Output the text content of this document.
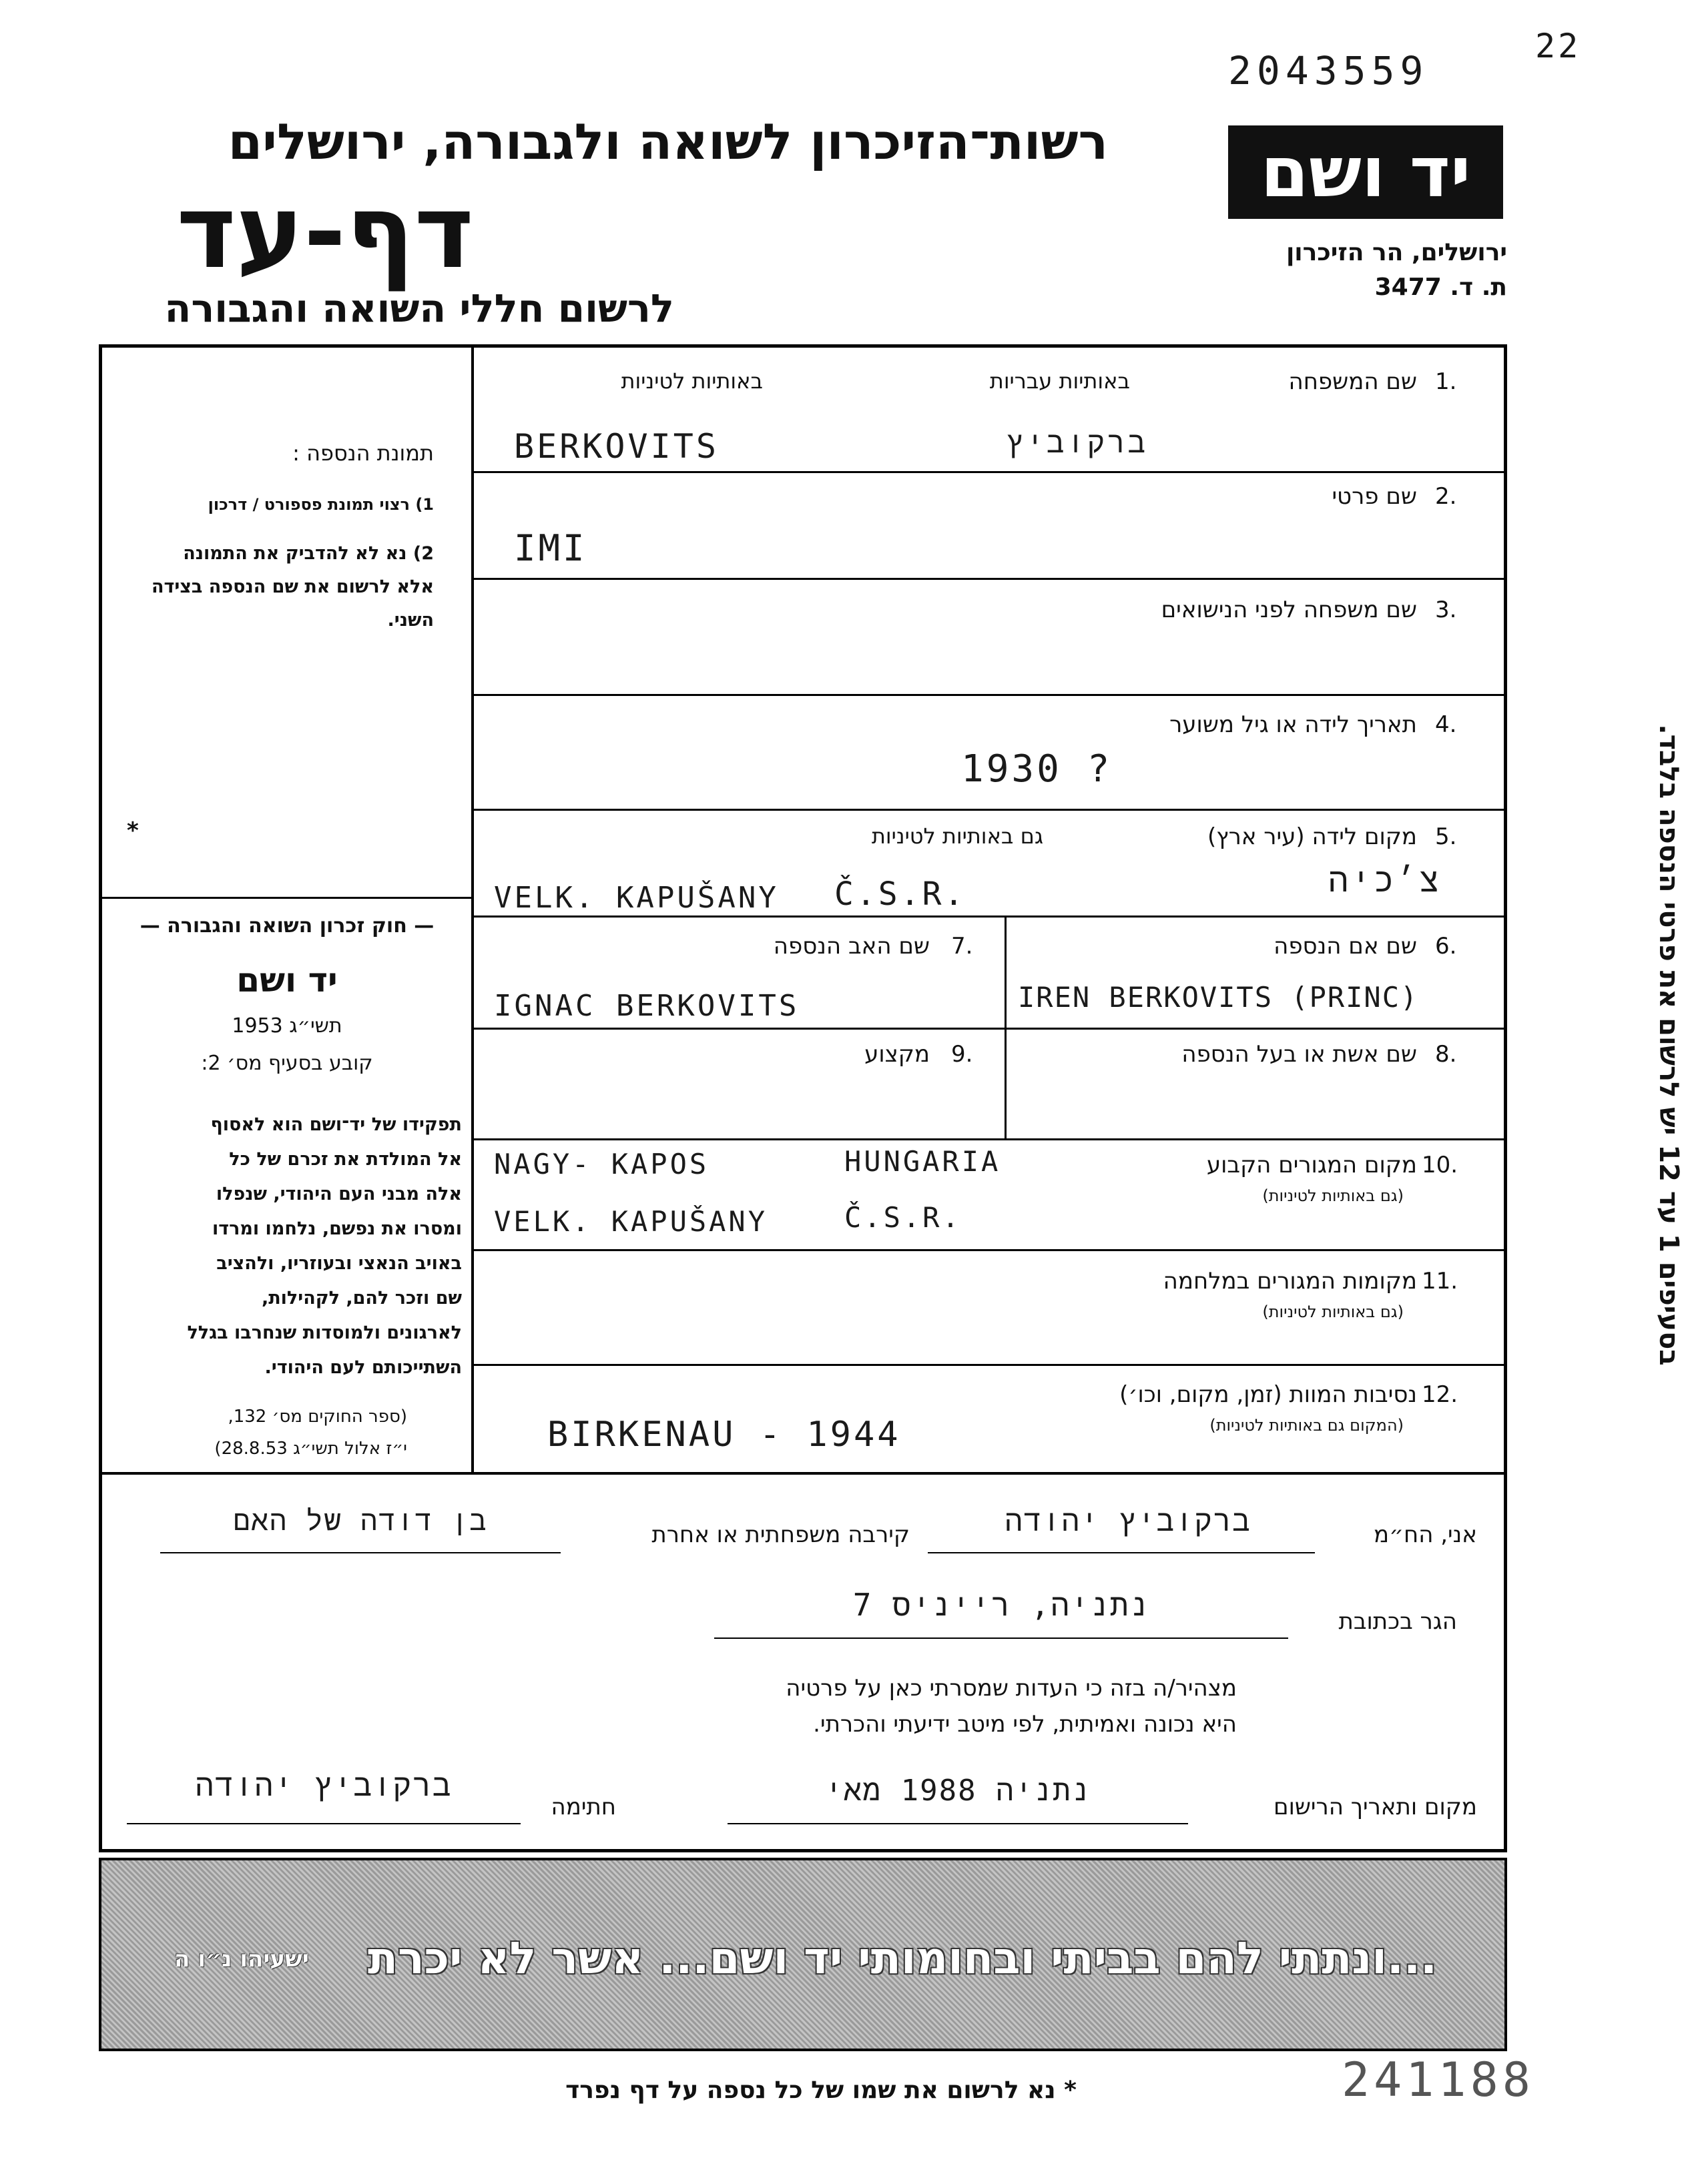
2043559
22
רשות־הזיכרון לשואה ולגבורה, ירושלים
דף-עד
לרשום חללי השואה והגבורה
יד ושם
ירושלים, הר הזיכרון
ת. ד. 3477
תמונת הנספה :
1) רצוי תמונת פספורט / דרכון
2) נא לא להדביק את התמונה
אלא לרשום את שם הנספה בצידה
השני.
*
— חוק זכרון השואה והגבורה —
יד ושם
תשי״ג 1953
קובע בסעיף מס׳ 2:
תפקידו של יד־ושם הוא לאסוף
אל המולדת את זכרם של כל
אלה מבני העם היהודי, שנפלו
ומסרו את נפשם, נלחמו ומרדו
באויב הנאצי ובעוזריו, ולהציב
שם וזכר להם, לקהילות,
לארגונים ולמוסדות שנחרבו בגלל
השתייכותם לעם היהודי.
(ספר החוקים מס׳ 132,
י״ז אלול תשי״ג 28.8.53)
1.
שם המשפחה
באותיות עבריות
באותיות לטיניות
BERKOVITS	ברקוביץ
2.
שם פרטי
IMI
3.
שם משפחה לפני הנישואים
4.
תאריך לידה או גיל משוער
1930 ?
5.
מקום לידה (עיר ארץ)
גם באותיות לטיניות
VELK. KAPUŠANY Č.S.R.	צ׳כיה
6.
שם אם הנספה
IREN BERKOVITS (PRINC)
7.
שם האב הנספה
IGNAC BERKOVITS
8.
שם אשת או בעל הנספה
9.
מקצוע
10.
מקום המגורים הקבוע
(גם באותיות לטיניות)
NAGY- KAPOS	HUNGARIA
VELK. KAPUŠANY	Č.S.R.
11.
מקומות המגורים במלחמה
(גם באותיות לטיניות)
12.
נסיבות המוות (זמן, מקום, וכו׳)
(המקום גם באותיות לטיניות)
BIRKENAU - 1944
בסעיפים 1 עד 12 יש לרשום את פרטי הנספה בלבד.
אני, הח״מ
ברקוביץ יהודה
קירבה משפחתית או אחרת
בן דודה של האם
הגר בכתובת
נתניה, רייניס 7
מצהיר/ה בזה כי העדות שמסרתי כאן על פרטיה
היא נכונה ואמיתית, לפי מיטב ידיעתי והכרתי.
מקום ותאריך הרישום
נתניה 1988 מאי
חתימה
ברקוביץ יהודה
...ונתתי להם בביתי ובחומותי יד ושם... אשר לא יכרת
ישעיהו נ״ו ה
* נא לרשום את שמו של כל נספה על דף נפרד	241188
